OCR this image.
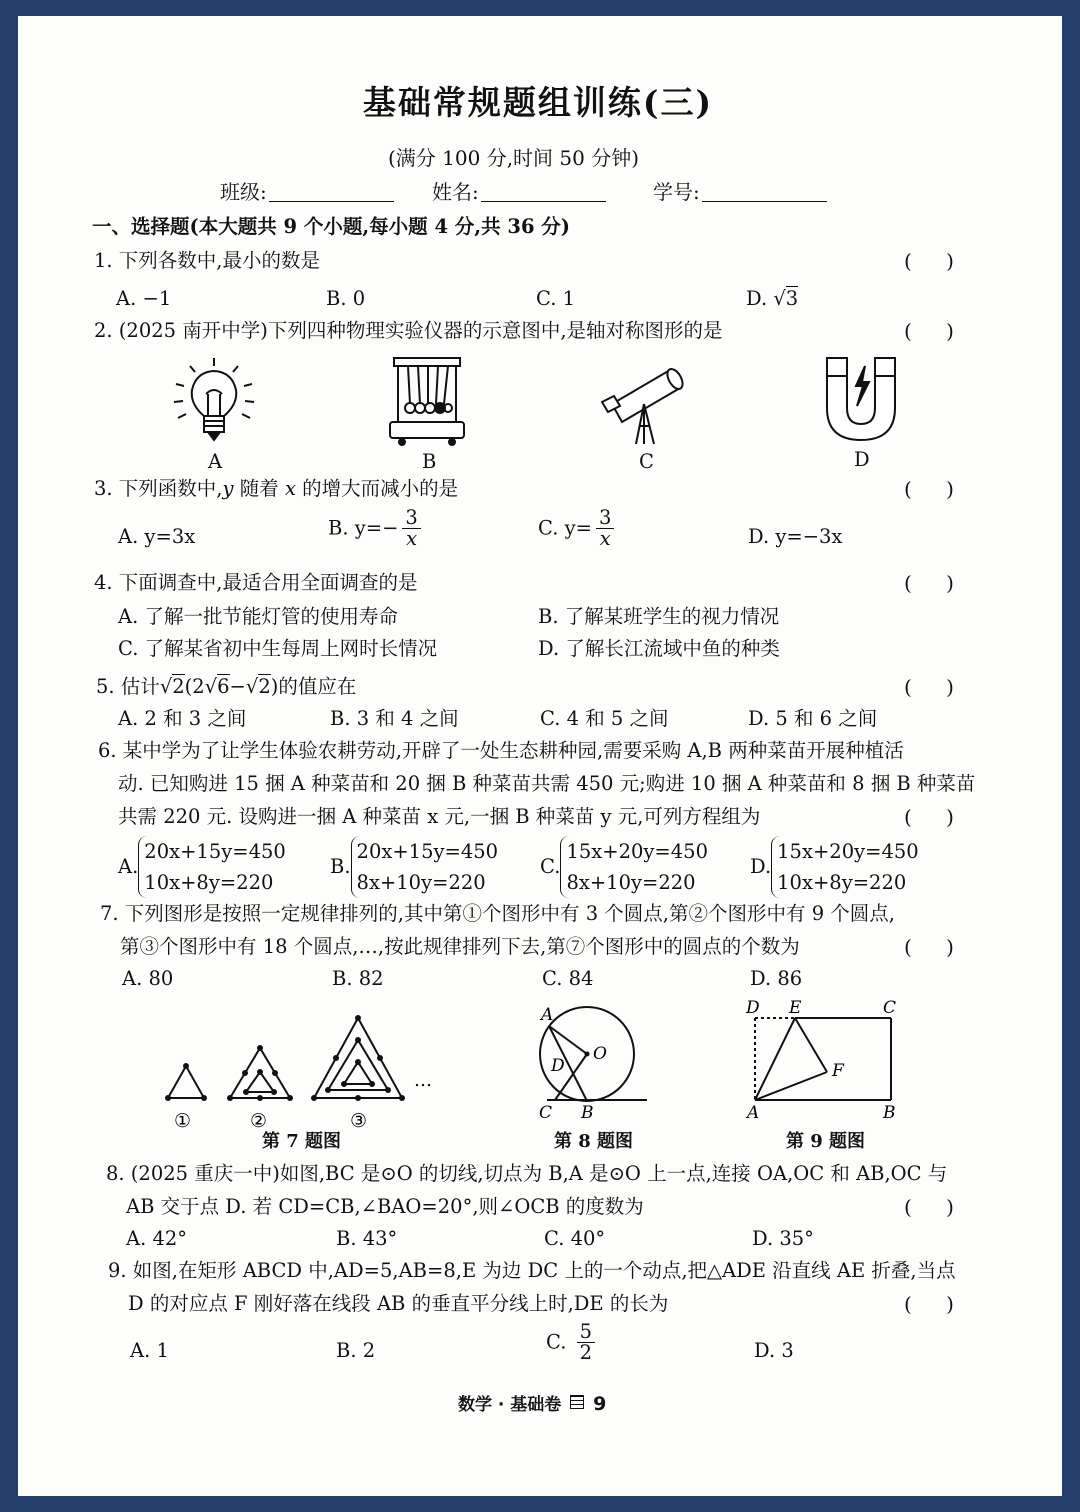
基础常规题组训练(三)
(满分 100 分,时间 50 分钟)
班级:	姓名:	学号:
一、选择题(本大题共 9 个小题,每小题 4 分,共 36 分)
1. 下列各数中,最小的数是	( )
A. −1	B. 0	C. 1	D. √3
2. (2025 南开中学)下列四种物理实验仪器的示意图中,是轴对称图形的是	( )
A	B	C	D
3. 下列函数中,y 随着 x 的增大而减小的是	( )
A. y=3x	B. $y=- \frac{3}{x}$	C. $y= \frac{3}{x}$	D. y=−3x
4. 下面调查中,最适合用全面调查的是	( )
A. 了解一批节能灯管的使用寿命	B. 了解某班学生的视力情况
C. 了解某省初中生每周上网时长情况	D. 了解长江流域中鱼的种类
5. 估计√2(2√6−√2)的值应在	( )
A. 2 和 3 之间	B. 3 和 4 之间	C. 4 和 5 之间	D. 5 和 6 之间
6. 某中学为了让学生体验农耕劳动,开辟了一处生态耕种园,需要采购 A,B 两种菜苗开展种植活
动. 已知购进 15 捆 A 种菜苗和 20 捆 B 种菜苗共需 450 元;购进 10 捆 A 种菜苗和 8 捆 B 种菜苗
共需 220 元. 设购进一捆 A 种菜苗 x 元,一捆 B 种菜苗 y 元,可列方程组为	( )
A.
20x+15y=450
10x+8y=220
B.
20x+15y=450
8x+10y=220
C.
15x+20y=450
8x+10y=220
D.
15x+20y=450
10x+8y=220
7. 下列图形是按照一定规律排列的,其中第①个图形中有 3 个圆点,第②个图形中有 9 个圆点,
第③个图形中有 18 个圆点,…,按此规律排列下去,第⑦个图形中的圆点的个数为	( )
A. 80	B. 82	C. 84	D. 86
…
①	②	③
第 7 题图
A
O
D
C B
第 8 题图
D E	C
F
A	B
第 9 题图
8. (2025 重庆一中)如图,BC 是⊙O 的切线,切点为 B,A 是⊙O 上一点,连接 OA,OC 和 AB,OC 与
AB 交于点 D. 若 CD=CB,∠BAO=20°,则∠OCB 的度数为	( )
A. 42°	B. 43°	C. 40°	D. 35°
9. 如图,在矩形 ABCD 中,AD=5,AB=8,E 为边 DC 上的一个动点,把△ADE 沿直线 AE 折叠,当点
D 的对应点 F 刚好落在线段 AB 的垂直平分线上时,DE 的长为	( )
A. 1	B. 2	C. $\frac{5}{2}$	D. 3
数学 · 基础卷 9
